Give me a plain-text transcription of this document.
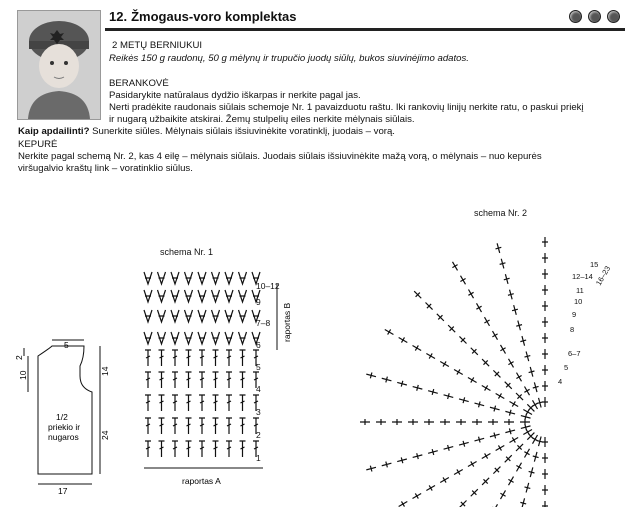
12. Žmogaus-voro komplektas
2 METŲ BERNIUKUI
Reikės 150 g raudonų, 50 g mėlynų ir trupučio juodų siūlų, bukos siuvinėjimo adatos.
BERANKOVĖ
Pasidarykite natūralaus dydžio iškarpas ir nerkite pagal jas.
Nerti pradėkite raudonais siūlais schemoje Nr. 1 pavaizduotu raštu. Iki rankovių linijų nerkite ratu, o paskui priekį
ir nugarą užbaikite atskirai. Žemų stulpelių eiles nerkite mėlynais siūlais.
Kaip apdailinti? Sunerkite siūles. Mėlynais siūlais išsiuvinėkite voratinklį, juodais – vorą.
KEPURĖ
Nerkite pagal schemą Nr. 2, kas 4 eilę – mėlynais siūlais. Juodais siūlais išsiuvinėkite mažą vorą, o mėlynais – nuo kepurės
viršugalvio kraštų link – voratinklio siūlus.
schema Nr. 1
schema Nr. 2
10–12
9
7–8
6
5
4
3
2
1
raportas B
raportas A
15
12–14 16–23
11
10
9
8
6–7
5
4
5
10
2
14
24
17
1/2
priekio ir
nugaros
